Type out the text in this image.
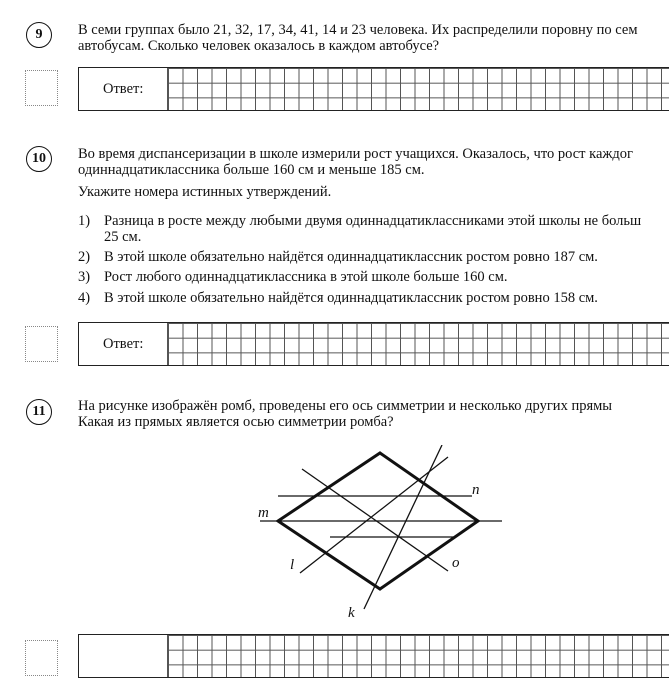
9 В семи группах было 21, 32, 17, 34, 41, 14 и 23 человека. Их распределили поровну по сем
автобусам. Сколько человек оказалось в каждом автобусе?
Ответ:
10 Во время диспансеризации в школе измерили рост учащихся. Оказалось, что рост каждог
одиннадцатиклассника больше 160 см и меньше 185 см.
Укажите номера истинных утверждений.
1) Разница в росте между любыми двумя одиннадцатиклассниками этой школы не больш
25 см.
2) В этой школе обязательно найдётся одиннадцатиклассник ростом ровно 187 см.
3) Рост любого одиннадцатиклассника в этой школе больше 160 см.
4) В этой школе обязательно найдётся одиннадцатиклассник ростом ровно 158 см.
Ответ:
11 На рисунке изображён ромб, проведены его ось симметрии и несколько других прямы
Какая из прямых является осью симметрии ромба?
m
n
l	o
k
